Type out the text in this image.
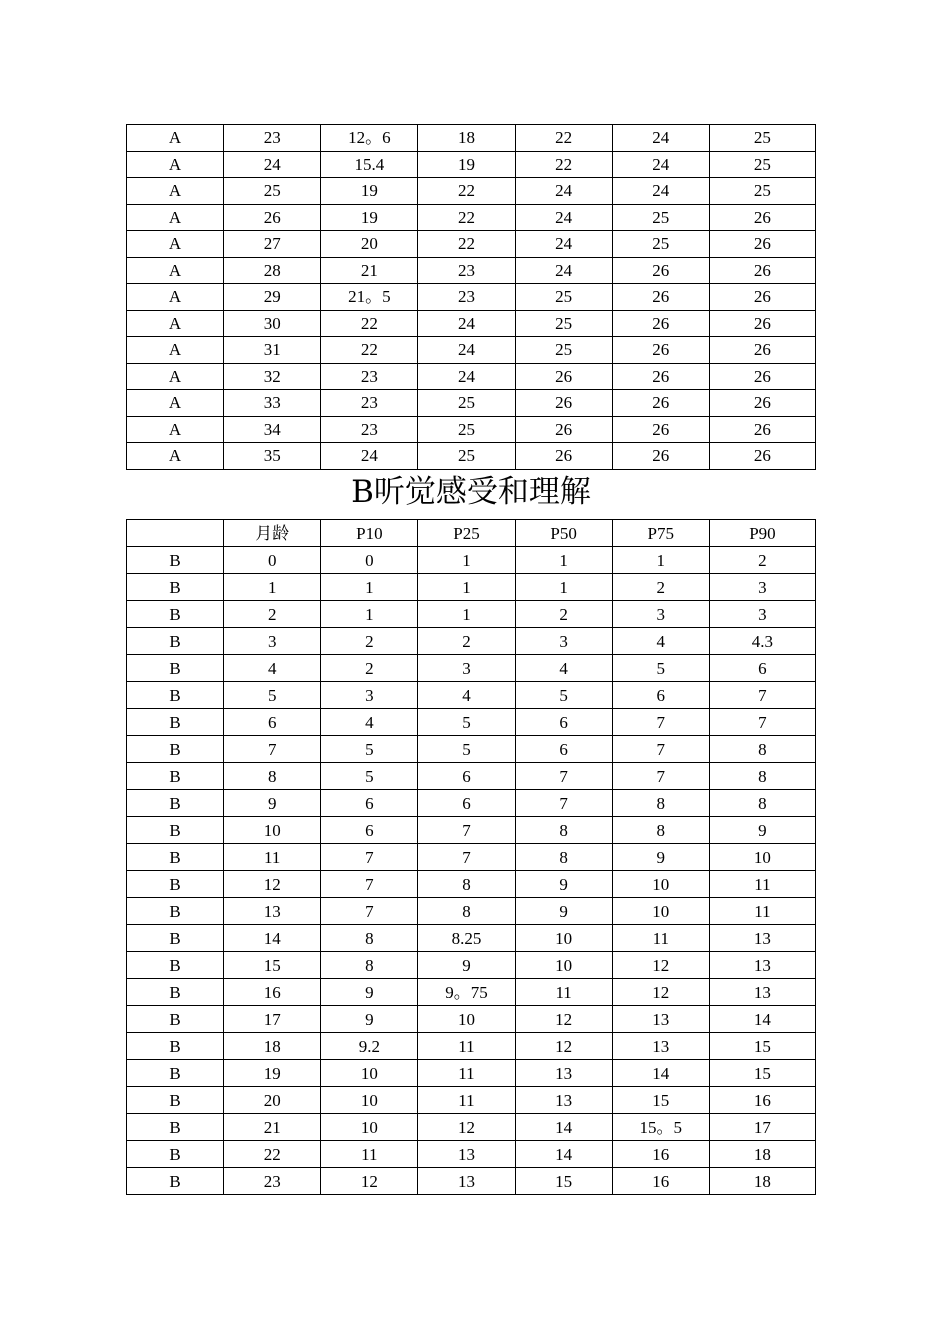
A	23	12。6	18	22	24	25
A	24	15.4	19	22	24	25
A	25	19	22	24	24	25
A	26	19	22	24	25	26
A	27	20	22	24	25	26
A	28	21	23	24	26	26
A	29	21。5	23	25	26	26
A	30	22	24	25	26	26
A	31	22	24	25	26	26
A	32	23	24	26	26	26
A	33	23	25	26	26	26
A	34	23	25	26	26	26
A	35	24	25	26	26	26
B听觉感受和理解
	月龄	P10	P25	P50	P75	P90
B	0	0	1	1	1	2
B	1	1	1	1	2	3
B	2	1	1	2	3	3
B	3	2	2	3	4	4.3
B	4	2	3	4	5	6
B	5	3	4	5	6	7
B	6	4	5	6	7	7
B	7	5	5	6	7	8
B	8	5	6	7	7	8
B	9	6	6	7	8	8
B	10	6	7	8	8	9
B	11	7	7	8	9	10
B	12	7	8	9	10	11
B	13	7	8	9	10	11
B	14	8	8.25	10	11	13
B	15	8	9	10	12	13
B	16	9	9。75	11	12	13
B	17	9	10	12	13	14
B	18	9.2	11	12	13	15
B	19	10	11	13	14	15
B	20	10	11	13	15	16
B	21	10	12	14	15。5	17
B	22	11	13	14	16	18
B	23	12	13	15	16	18
